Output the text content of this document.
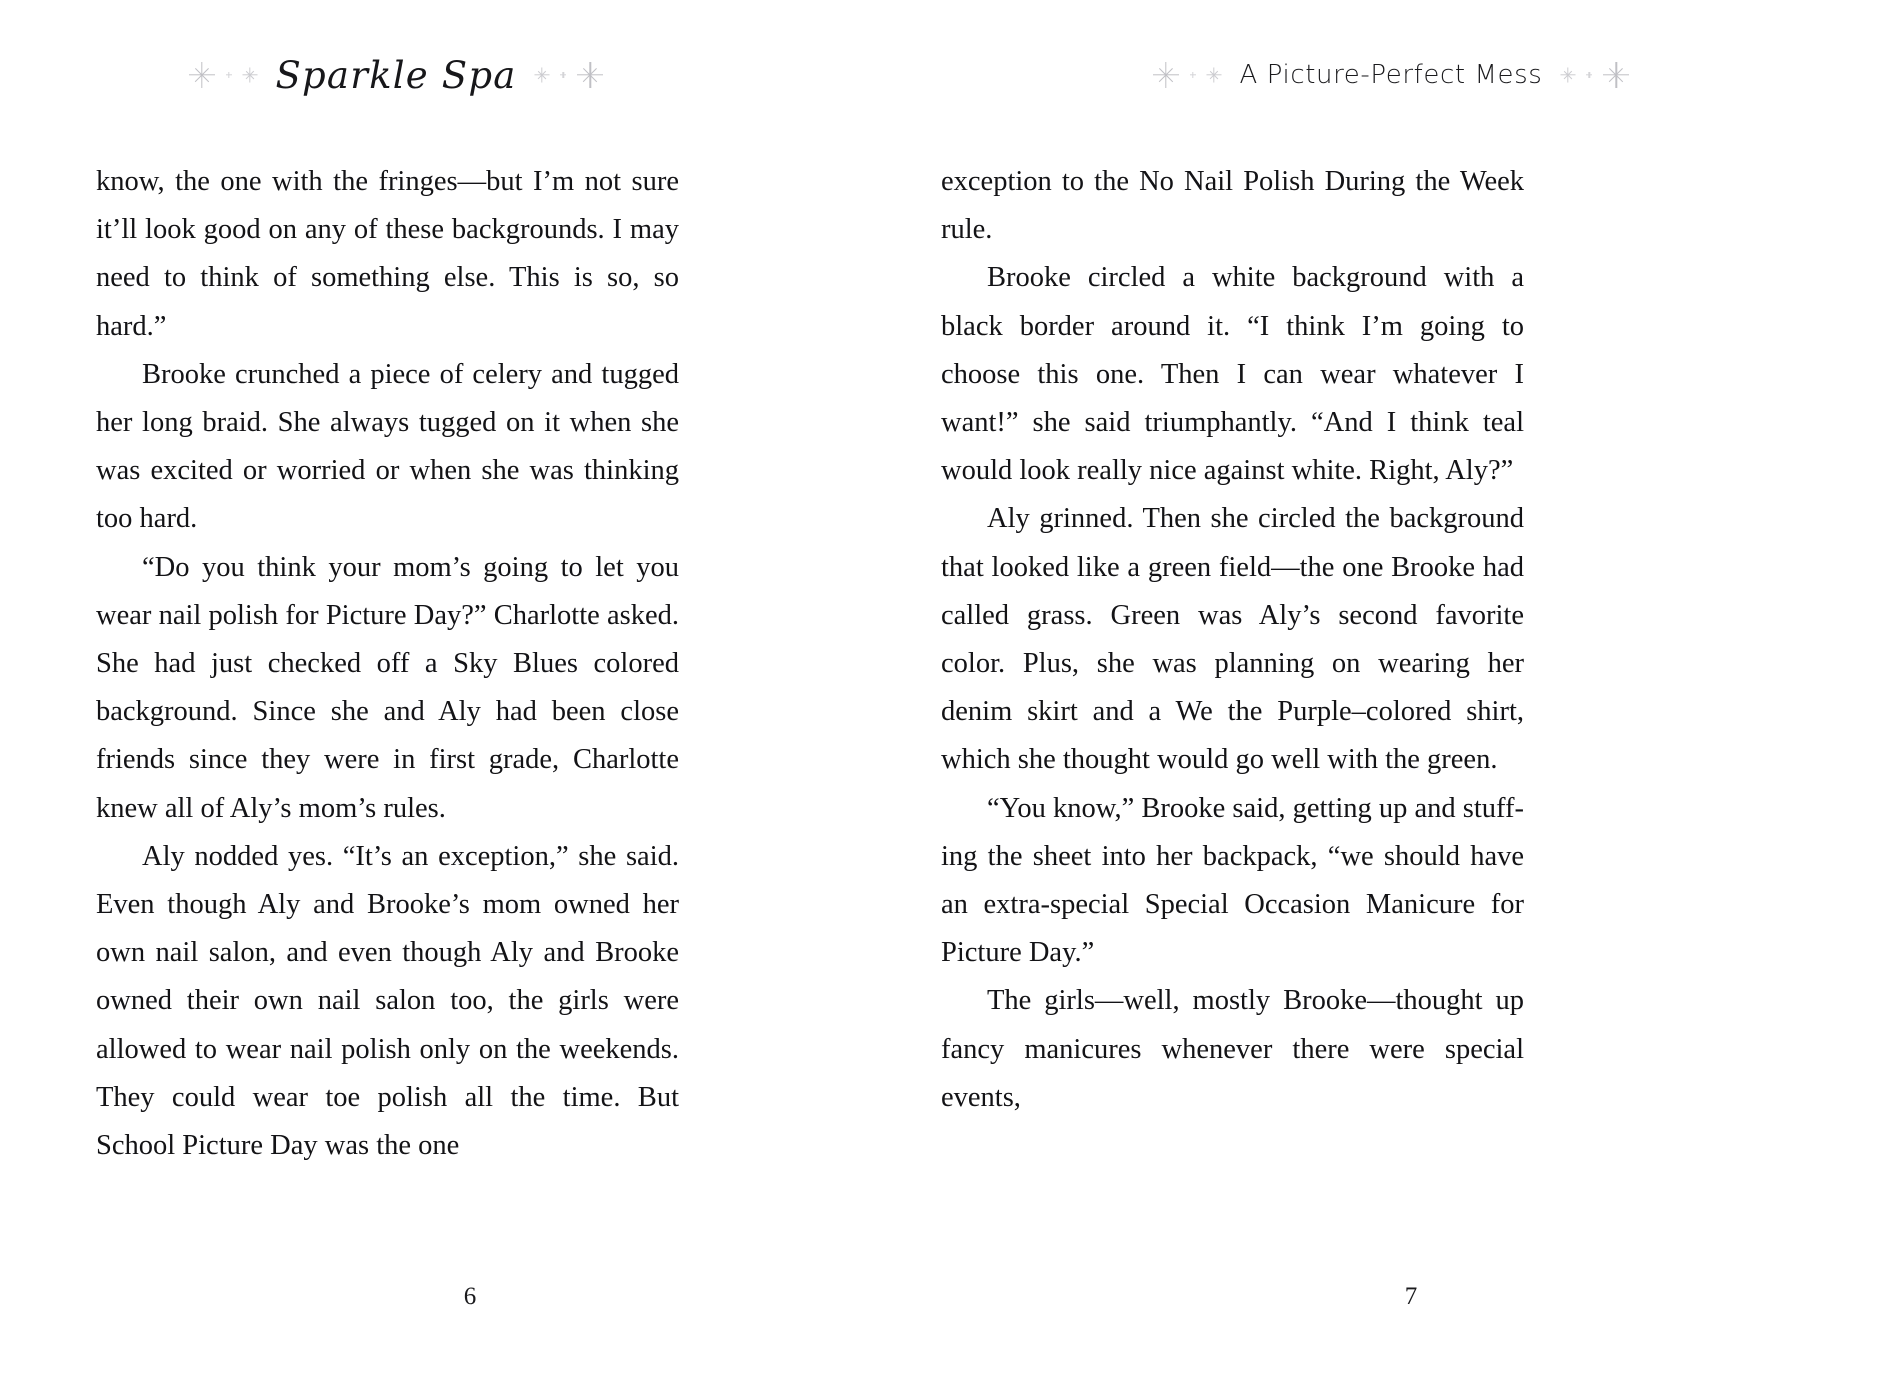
Sparkle Spa

know, the one with the fringes—but I’m not sure it’ll look good on any of these backgrounds. I may need to think of something else. This is so, so hard.”

Brooke crunched a piece of celery and tugged her long braid. She always tugged on it when she was excited or worried or when she was thinking too hard.

“Do you think your mom’s going to let you wear nail polish for Picture Day?” Charlotte asked. She had just checked off a Sky Blues colored background. Since she and Aly had been close friends since they were in first grade, Charlotte knew all of Aly’s mom’s rules.

Aly nodded yes. “It’s an exception,” she said. Even though Aly and Brooke’s mom owned her own nail salon, and even though Aly and Brooke owned their own nail salon too, the girls were allowed to wear nail polish only on the weekends. They could wear toe polish all the time. But School Picture Day was the one

6
A Picture-Perfect Mess

exception to the No Nail Polish During the Week rule.

Brooke circled a white background with a black border around it. “I think I’m going to choose this one. Then I can wear whatever I want!” she said triumphantly. “And I think teal would look really nice against white. Right, Aly?”

Aly grinned. Then she circled the background that looked like a green field—the one Brooke had called grass. Green was Aly’s second favorite color. Plus, she was planning on wearing her denim skirt and a We the Purple–colored shirt, which she thought would go well with the green.

“You know,” Brooke said, getting up and stuffing the sheet into her backpack, “we should have an extra-special Special Occasion Manicure for Picture Day.”

The girls—well, mostly Brooke—thought up fancy manicures whenever there were special events,

7
